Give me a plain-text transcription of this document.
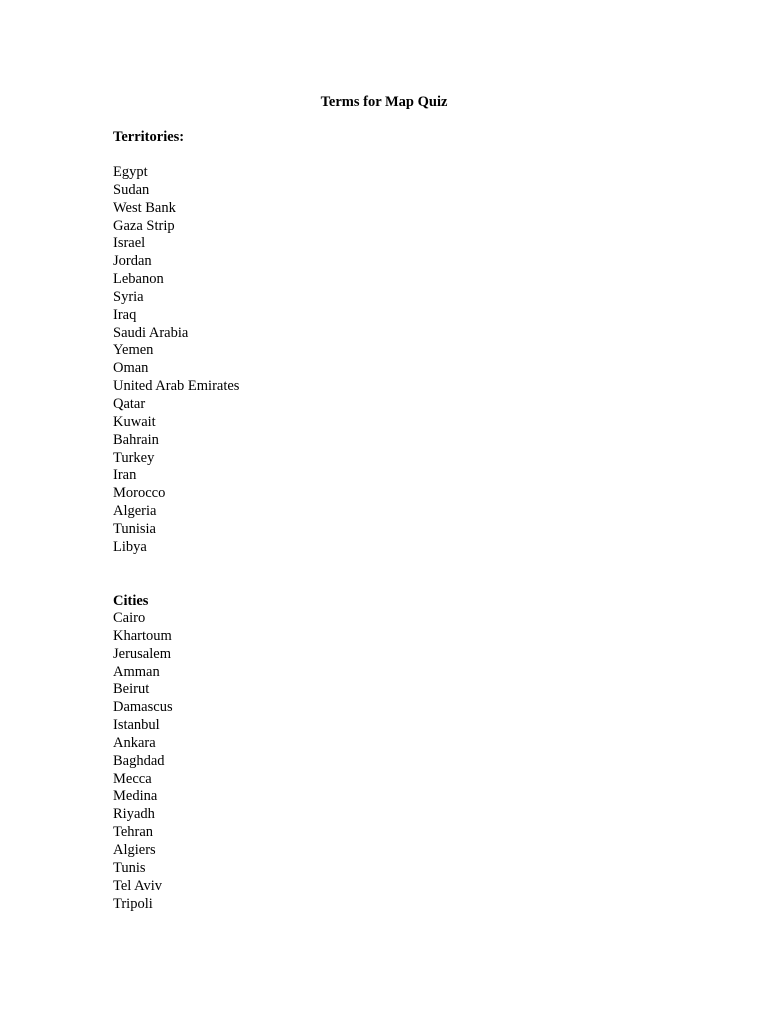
Terms for Map Quiz
Territories:
Egypt
Sudan
West Bank
Gaza Strip
Israel
Jordan
Lebanon
Syria
Iraq
Saudi Arabia
Yemen
Oman
United Arab Emirates
Qatar
Kuwait
Bahrain
Turkey
Iran
Morocco
Algeria
Tunisia
Libya
Cities
Cairo
Khartoum
Jerusalem
Amman
Beirut
Damascus
Istanbul
Ankara
Baghdad
Mecca
Medina
Riyadh
Tehran
Algiers
Tunis
Tel Aviv
Tripoli
